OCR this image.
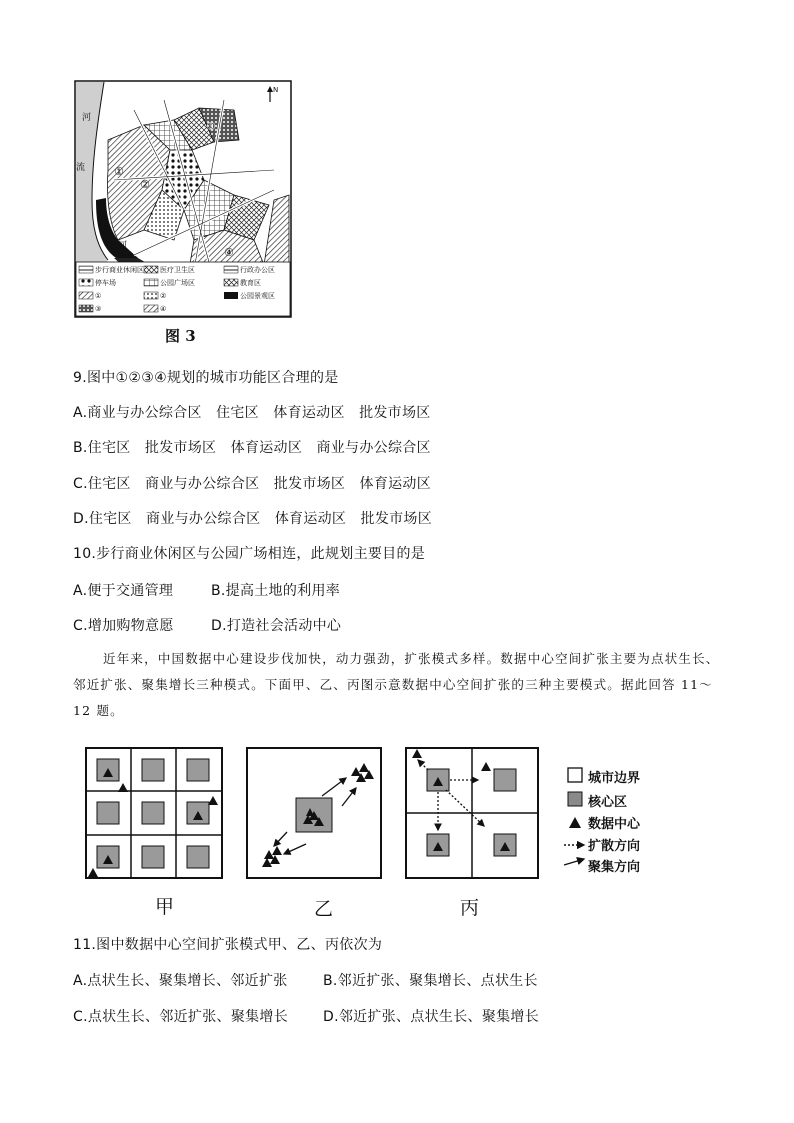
①
②
③
④
河
流
河
N
步行商业休闲区 医疗卫生区	行政办公区
停车场	公园广场区	教育区
①	②	公园景观区
③	④
图 3
9.图中①②③④规划的城市功能区合理的是
A.商业与办公综合区　住宅区　体育运动区　批发市场区
B.住宅区　批发市场区　体育运动区　商业与办公综合区
C.住宅区　商业与办公综合区　批发市场区　体育运动区
D.住宅区　商业与办公综合区　体育运动区　批发市场区
10.步行商业休闲区与公园广场相连，此规划主要目的是
A.便于交通管理	B.提高土地的利用率
C.增加购物意愿	D.打造社会活动中心
近年来，中国数据中心建设步伐加快，动力强劲，扩张模式多样。数据中心空间扩张主要为点状生长、邻近扩张、聚集增长三种模式。下面甲、乙、丙图示意数据中心空间扩张的三种主要模式。据此回答 11～12 题。
城市边界
核心区
数据中心
扩散方向
聚集方向
甲	乙	丙
11.图中数据中心空间扩张模式甲、乙、丙依次为
A.点状生长、聚集增长、邻近扩张	B.邻近扩张、聚集增长、点状生长
C.点状生长、邻近扩张、聚集增长 D.邻近扩张、点状生长、聚集增长
